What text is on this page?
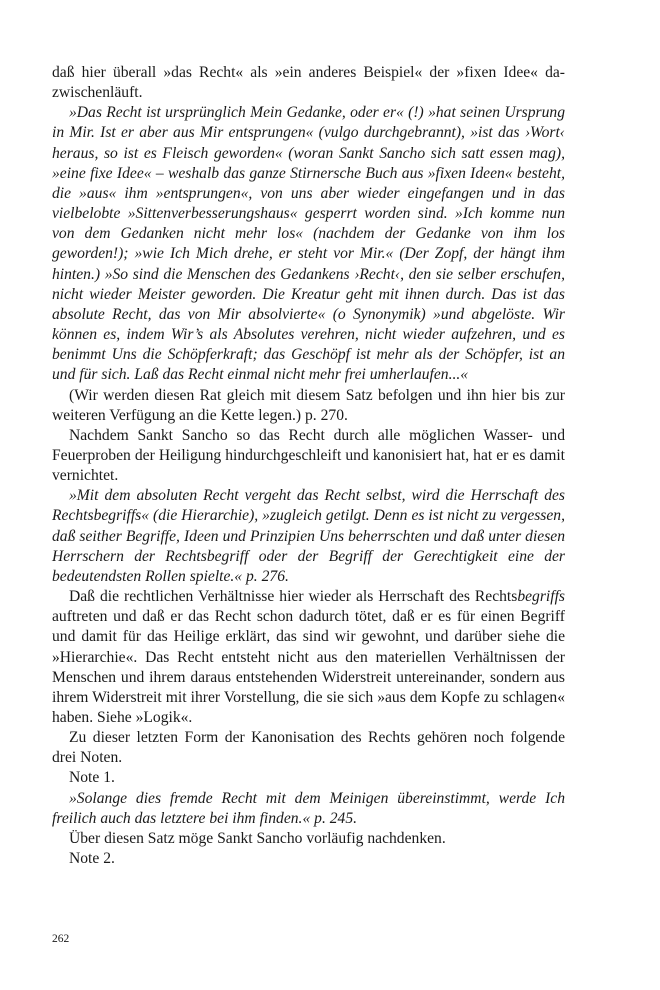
daß hier überall »das Recht« als »ein anderes Beispiel« der »fixen Idee« dazwischenläuft.

»Das Recht ist ursprünglich Mein Gedanke, oder er« (!) »hat seinen Ursprung in Mir. Ist er aber aus Mir entsprungen« (vulgo durchgebrannt), »ist das ›Wort‹ heraus, so ist es Fleisch geworden« (woran Sankt Sancho sich satt essen mag), »eine fixe Idee« – weshalb das ganze Stirnersche Buch aus »fixen Ideen« besteht, die »aus« ihm »entsprungen«, von uns aber wieder eingefangen und in das vielbelobte »Sittenverbesserungshaus« gesperrt worden sind. »Ich komme nun von dem Gedanken nicht mehr los« (nachdem der Gedanke von ihm los geworden!); »wie Ich Mich drehe, er steht vor Mir.« (Der Zopf, der hängt ihm hinten.) »So sind die Menschen des Gedankens ›Recht‹, den sie selber erschufen, nicht wieder Meister geworden. Die Kreatur geht mit ihnen durch. Das ist das absolute Recht, das von Mir absolvierte« (o Synonymik) »und abgelöste. Wir können es, indem Wir’s als Absolutes verehren, nicht wieder aufzehren, und es benimmt Uns die Schöpferkraft; das Geschöpf ist mehr als der Schöpfer, ist an und für sich. Laß das Recht einmal nicht mehr frei umherlaufen...«

(Wir werden diesen Rat gleich mit diesem Satz befolgen und ihn hier bis zur weiteren Verfügung an die Kette legen.) p. 270.

Nachdem Sankt Sancho so das Recht durch alle möglichen Wasser- und Feuerproben der Heiligung hindurchgeschleift und kanonisiert hat, hat er es damit vernichtet.

»Mit dem absoluten Recht vergeht das Recht selbst, wird die Herrschaft des Rechtsbegriffs« (die Hierarchie), »zugleich getilgt. Denn es ist nicht zu vergessen, daß seither Begriffe, Ideen und Prinzipien Uns beherrschten und daß unter diesen Herrschern der Rechtsbegriff oder der Begriff der Gerechtigkeit eine der bedeutendsten Rollen spielte.« p. 276.

Daß die rechtlichen Verhältnisse hier wieder als Herrschaft des Rechtsbegriffs auftreten und daß er das Recht schon dadurch tötet, daß er es für einen Begriff und damit für das Heilige erklärt, das sind wir gewohnt, und darüber siehe die »Hierarchie«. Das Recht entsteht nicht aus den materiellen Verhältnissen der Menschen und ihrem daraus entstehenden Widerstreit untereinander, sondern aus ihrem Widerstreit mit ihrer Vorstellung, die sie sich »aus dem Kopfe zu schlagen« haben. Siehe »Logik«.

Zu dieser letzten Form der Kanonisation des Rechts gehören noch folgende drei Noten.

Note 1.

»Solange dies fremde Recht mit dem Meinigen übereinstimmt, werde Ich freilich auch das letztere bei ihm finden.« p. 245.

Über diesen Satz möge Sankt Sancho vorläufig nachdenken.

Note 2.

262
